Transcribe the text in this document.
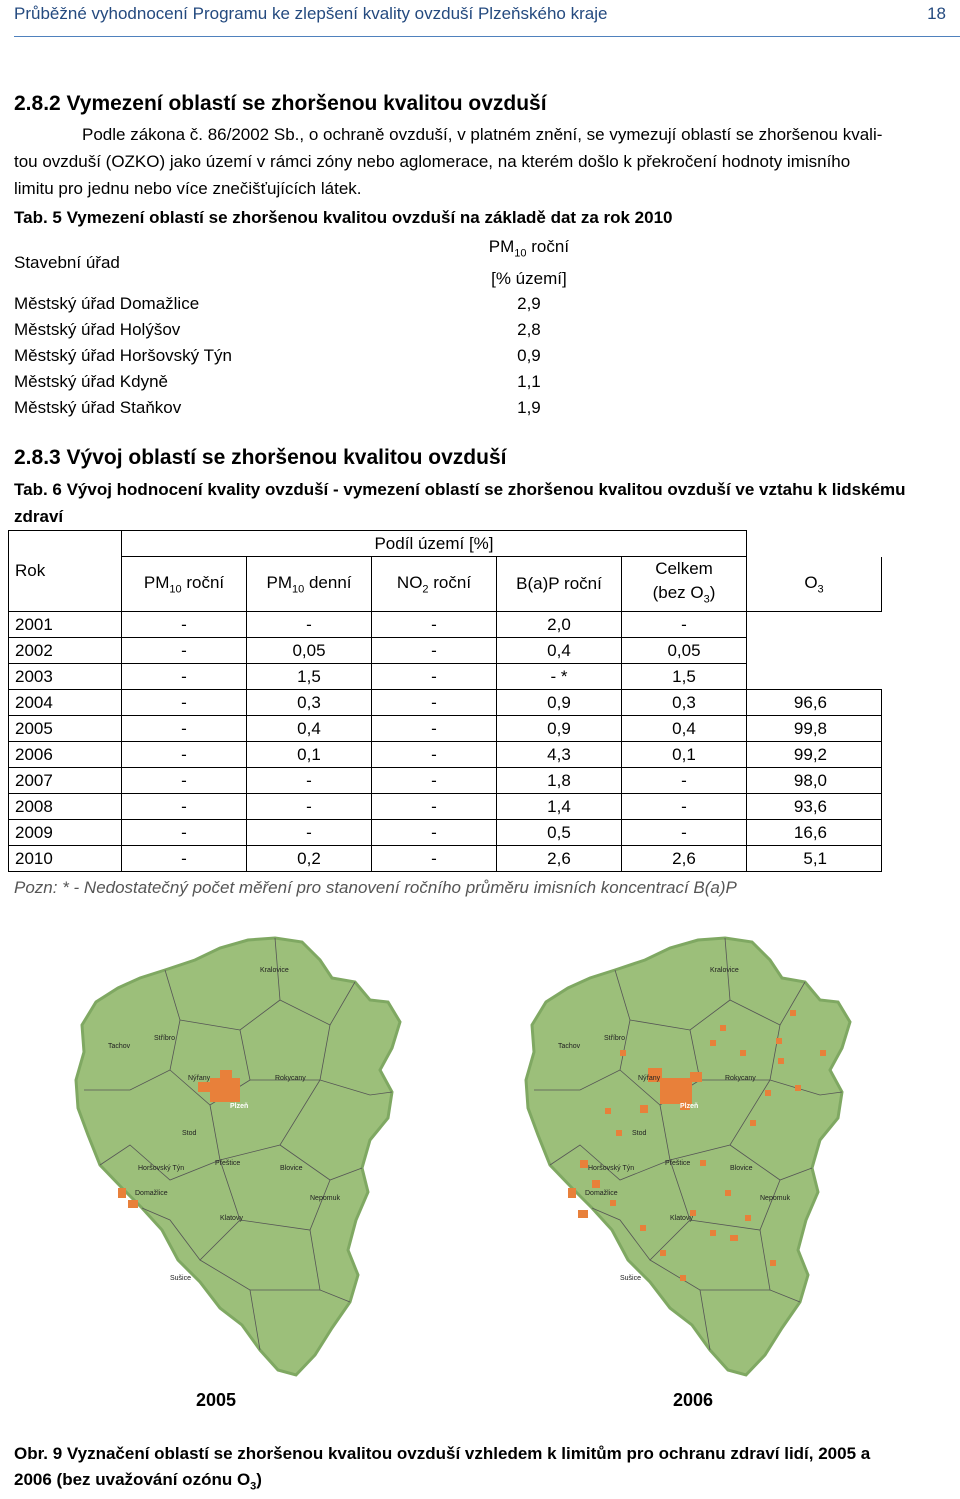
Průběžné vyhodnocení Programu ke zlepšení kvality ovzduší Plzeňského kraje	18
2.8.2 Vymezení oblastí se zhoršenou kvalitou ovzduší
Podle zákona č. 86/2002 Sb., o ochraně ovzduší, v platném znění, se vymezují oblastí se zhoršenou kvali-
tou ovzduší (OZKO) jako území v rámci zóny nebo aglomerace, na kterém došlo k překročení hodnoty imisního
limitu pro jednu nebo více znečišťujících látek.
Tab. 5 Vymezení oblastí se zhoršenou kvalitou ovzduší na základě dat za rok 2010
Stavební úřad	$PM_{10}$ roční
[% území]
Městský úřad Domažlice	2,9
Městský úřad Holýšov	2,8
Městský úřad Horšovský Týn	0,9
Městský úřad Kdyně	1,1
Městský úřad Staňkov	1,9
2.8.3 Vývoj oblastí se zhoršenou kvalitou ovzduší
Tab. 6 Vývoj hodnocení kvality ovzduší - vymezení oblastí se zhoršenou kvalitou ovzduší ve vztahu k lidskému
zdraví
Rok	Podíl území [%]					
	$PM_{10}$ roční	$PM_{10}$ denní	$NO_2$ roční	B(a)P roční	Celkem
(bez $O_3$)	$O_3$
2001	-	-	-	2,0	-	
2002	-	0,05	-	0,4	0,05	
2003	-	1,5	-	- *	1,5	
2004	-	0,3	-	0,9	0,3	96,6
2005	-	0,4	-	0,9	0,4	99,8
2006	-	0,1	-	4,3	0,1	99,2
2007	-	-	-	1,8	-	98,0
2008	-	-	-	1,4	-	93,6
2009	-	-	-	0,5	-	16,6
2010	-	0,2	-	2,6	2,6	5,1
Pozn: * - Nedostatečný počet měření pro stanovení ročního průměru imisních koncentrací B(a)P
Kralovice
Tachov
Stříbro
Nýřany	Rokycany
Plzeň
Stod
Horšovský Týn
Přeštice
Blovice
Domažlice
Nepomuk
Klatovy
Sušice
Kralovice
Tachov
Stříbro
Nýřany	Rokycany
Plzeň
Stod
Horšovský Týn
Přeštice
Blovice
Domažlice
Nepomuk
Klatovy
Sušice
2005	2006
Obr. 9 Vyznačení oblastí se zhoršenou kvalitou ovzduší vzhledem k limitům pro ochranu zdraví lidí, 2005 a
2006 (bez uvažování ozónu $O_3$)
